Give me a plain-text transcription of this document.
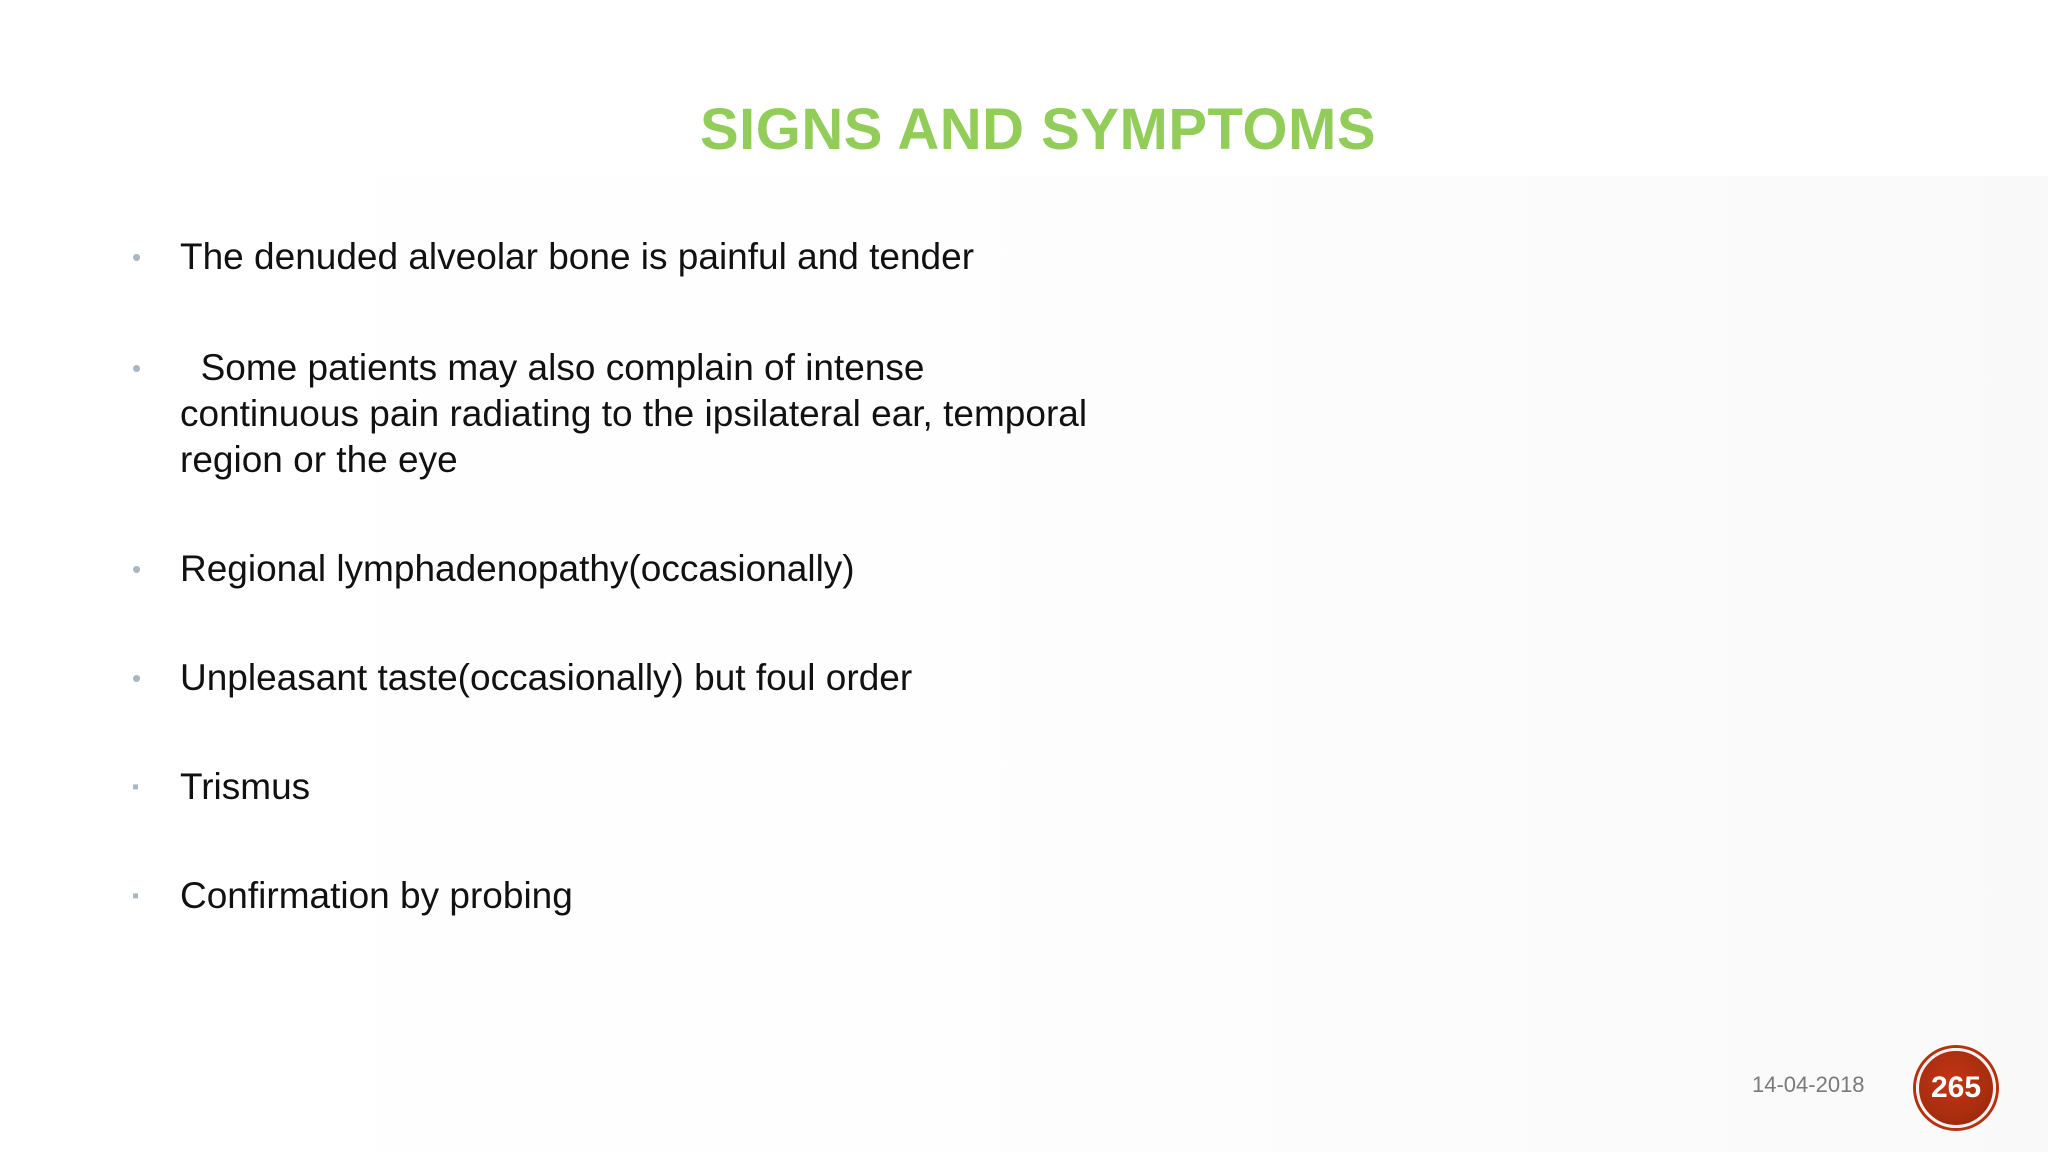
SIGNS AND SYMPTOMS
•	The denuded alveolar bone is painful and tender
•	Some patients may also complain of intense
continuous pain radiating to the ipsilateral ear, temporal
region or the eye
•	Regional lymphadenopathy(occasionally)
•	Unpleasant taste(occasionally) but foul order
▪	Trismus
▪	Confirmation by probing
14-04-2018	265
